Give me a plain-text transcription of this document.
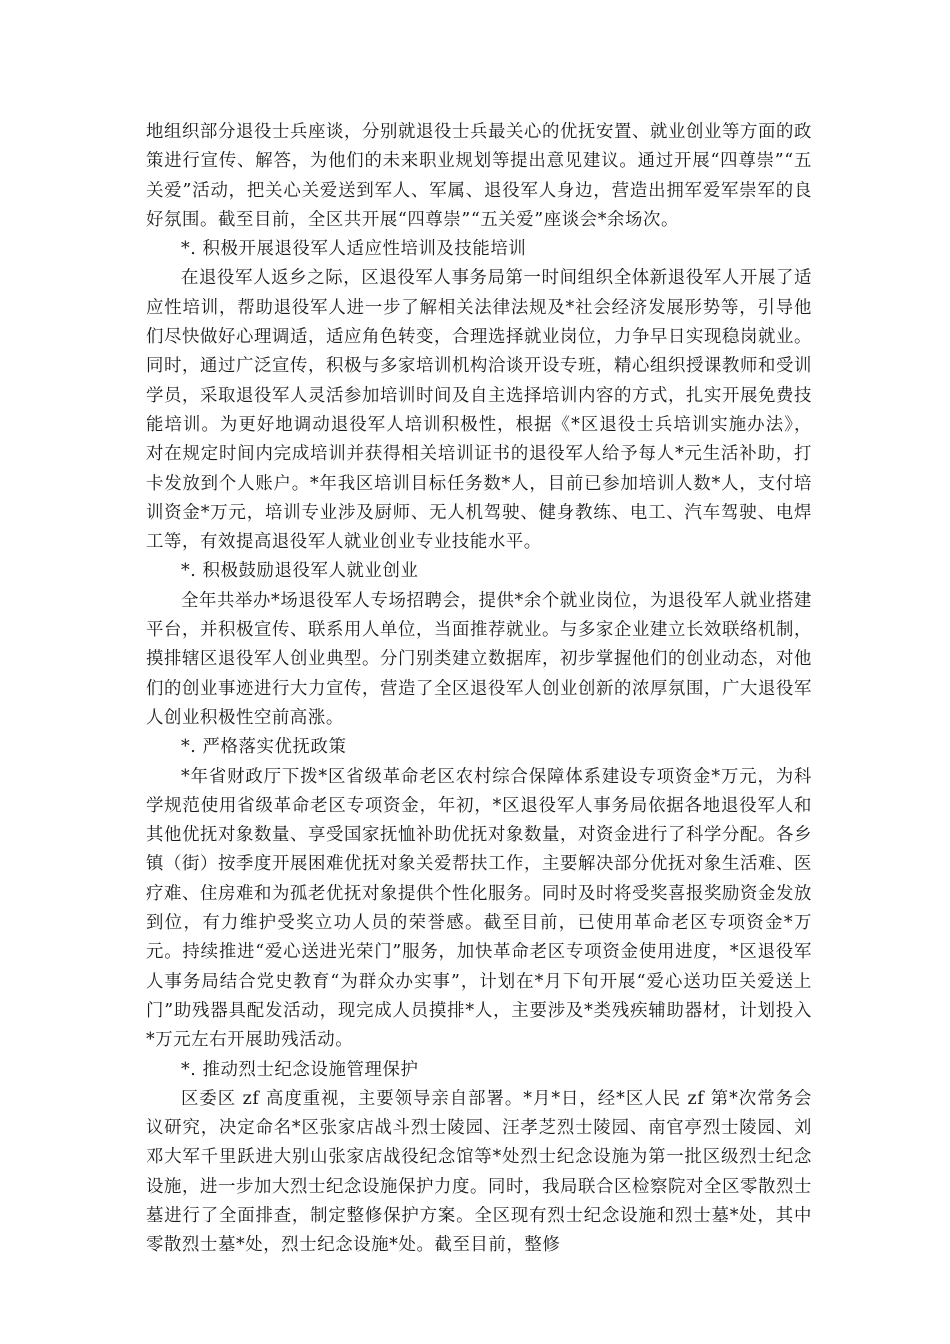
地组织部分退役士兵座谈，分别就退役士兵最关心的优抚安置、就业创业等方面的政策进行宣传、解答，为他们的未来职业规划等提出意见建议。通过开展“四尊崇”“五关爱”活动，把关心关爱送到军人、军属、退役军人身边，营造出拥军爱军崇军的良好氛围。截至目前，全区共开展“四尊崇”“五关爱”座谈会*余场次。

*. 积极开展退役军人适应性培训及技能培训

在退役军人返乡之际，区退役军人事务局第一时间组织全体新退役军人开展了适应性培训，帮助退役军人进一步了解相关法律法规及*社会经济发展形势等，引导他们尽快做好心理调适，适应角色转变，合理选择就业岗位，力争早日实现稳岗就业。同时，通过广泛宣传，积极与多家培训机构洽谈开设专班，精心组织授课教师和受训学员，采取退役军人灵活参加培训时间及自主选择培训内容的方式，扎实开展免费技能培训。为更好地调动退役军人培训积极性，根据《*区退役士兵培训实施办法》，对在规定时间内完成培训并获得相关培训证书的退役军人给予每人*元生活补助，打卡发放到个人账户。*年我区培训目标任务数*人，目前已参加培训人数*人，支付培训资金*万元，培训专业涉及厨师、无人机驾驶、健身教练、电工、汽车驾驶、电焊工等，有效提高退役军人就业创业专业技能水平。

*. 积极鼓励退役军人就业创业

全年共举办*场退役军人专场招聘会，提供*余个就业岗位，为退役军人就业搭建平台，并积极宣传、联系用人单位，当面推荐就业。与多家企业建立长效联络机制，摸排辖区退役军人创业典型。分门别类建立数据库，初步掌握他们的创业动态，对他们的创业事迹进行大力宣传，营造了全区退役军人创业创新的浓厚氛围，广大退役军人创业积极性空前高涨。

*. 严格落实优抚政策

*年省财政厅下拨*区省级革命老区农村综合保障体系建设专项资金*万元，为科学规范使用省级革命老区专项资金，年初，*区退役军人事务局依据各地退役军人和其他优抚对象数量、享受国家抚恤补助优抚对象数量，对资金进行了科学分配。各乡镇（街）按季度开展困难优抚对象关爱帮扶工作，主要解决部分优抚对象生活难、医疗难、住房难和为孤老优抚对象提供个性化服务。同时及时将受奖喜报奖励资金发放到位，有力维护受奖立功人员的荣誉感。截至目前，已使用革命老区专项资金*万元。持续推进“爱心送进光荣门”服务，加快革命老区专项资金使用进度，*区退役军人事务局结合党史教育“为群众办实事”，计划在*月下旬开展“爱心送功臣关爱送上门”助残器具配发活动，现完成人员摸排*人，主要涉及*类残疾辅助器材，计划投入*万元左右开展助残活动。

*. 推动烈士纪念设施管理保护

区委区 zf 高度重视，主要领导亲自部署。*月*日，经*区人民 zf 第*次常务会议研究，决定命名*区张家店战斗烈士陵园、汪孝芝烈士陵园、南官亭烈士陵园、刘邓大军千里跃进大别山张家店战役纪念馆等*处烈士纪念设施为第一批区级烈士纪念设施，进一步加大烈士纪念设施保护力度。同时，我局联合区检察院对全区零散烈士墓进行了全面排查，制定整修保护方案。全区现有烈士纪念设施和烈士墓*处，其中零散烈士墓*处，烈士纪念设施*处。截至目前，整修
